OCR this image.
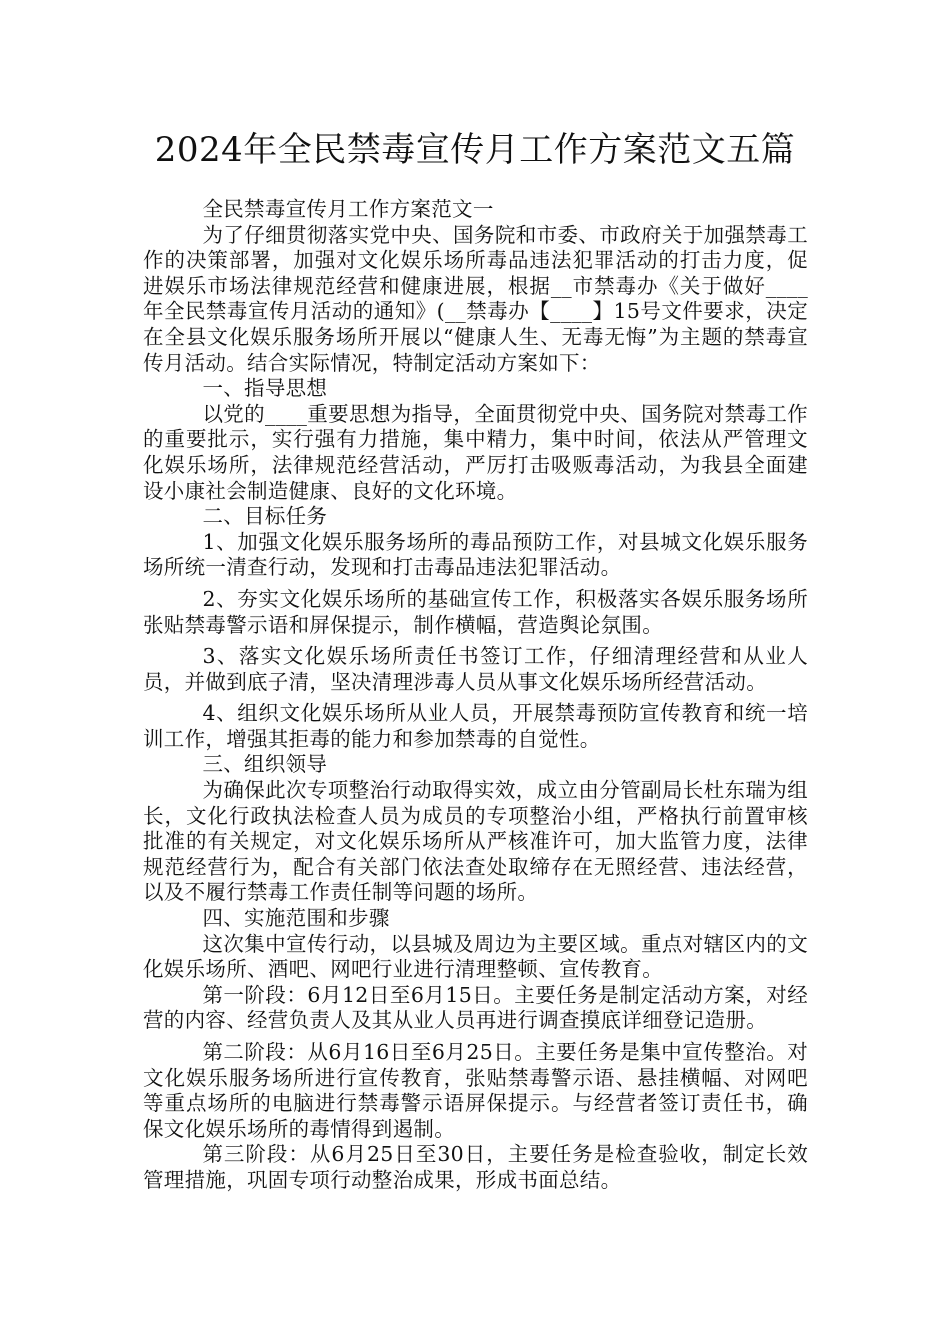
2024年全民禁毒宣传月工作方案范文五篇

全民禁毒宣传月工作方案范文一

为了仔细贯彻落实党中央、国务院和市委、市政府关于加强禁毒工作的决策部署，加强对文化娱乐场所毒品违法犯罪活动的打击力度，促进娱乐市场法律规范经营和健康进展，根据__市禁毒办《关于做好____年全民禁毒宣传月活动的通知》(__禁毒办【____】15号文件要求，决定在全县文化娱乐服务场所开展以“健康人生、无毒无悔”为主题的禁毒宣传月活动。结合实际情况，特制定活动方案如下：

一、指导思想

以党的____重要思想为指导，全面贯彻党中央、国务院对禁毒工作的重要批示，实行强有力措施，集中精力，集中时间，依法从严管理文化娱乐场所，法律规范经营活动，严厉打击吸贩毒活动，为我县全面建设小康社会制造健康、良好的文化环境。

二、目标任务

1、加强文化娱乐服务场所的毒品预防工作，对县城文化娱乐服务场所统一清查行动，发现和打击毒品违法犯罪活动。

2、夯实文化娱乐场所的基础宣传工作，积极落实各娱乐服务场所张贴禁毒警示语和屏保提示，制作横幅，营造舆论氛围。

3、落实文化娱乐场所责任书签订工作，仔细清理经营和从业人员，并做到底子清，坚决清理涉毒人员从事文化娱乐场所经营活动。

4、组织文化娱乐场所从业人员，开展禁毒预防宣传教育和统一培训工作，增强其拒毒的能力和参加禁毒的自觉性。

三、组织领导

为确保此次专项整治行动取得实效，成立由分管副局长杜东瑞为组长，文化行政执法检查人员为成员的专项整治小组，严格执行前置审核批准的有关规定，对文化娱乐场所从严核准许可，加大监管力度，法律规范经营行为，配合有关部门依法查处取缔存在无照经营、违法经营，以及不履行禁毒工作责任制等问题的场所。

四、实施范围和步骤

这次集中宣传行动，以县城及周边为主要区域。重点对辖区内的文化娱乐场所、酒吧、网吧行业进行清理整顿、宣传教育。

第一阶段：6月12日至6月15日。主要任务是制定活动方案，对经营的内容、经营负责人及其从业人员再进行调查摸底详细登记造册。

第二阶段：从6月16日至6月25日。主要任务是集中宣传整治。对文化娱乐服务场所进行宣传教育，张贴禁毒警示语、悬挂横幅、对网吧等重点场所的电脑进行禁毒警示语屏保提示。与经营者签订责任书，确保文化娱乐场所的毒情得到遏制。

第三阶段：从6月25日至30日，主要任务是检查验收，制定长效管理措施，巩固专项行动整治成果，形成书面总结。
